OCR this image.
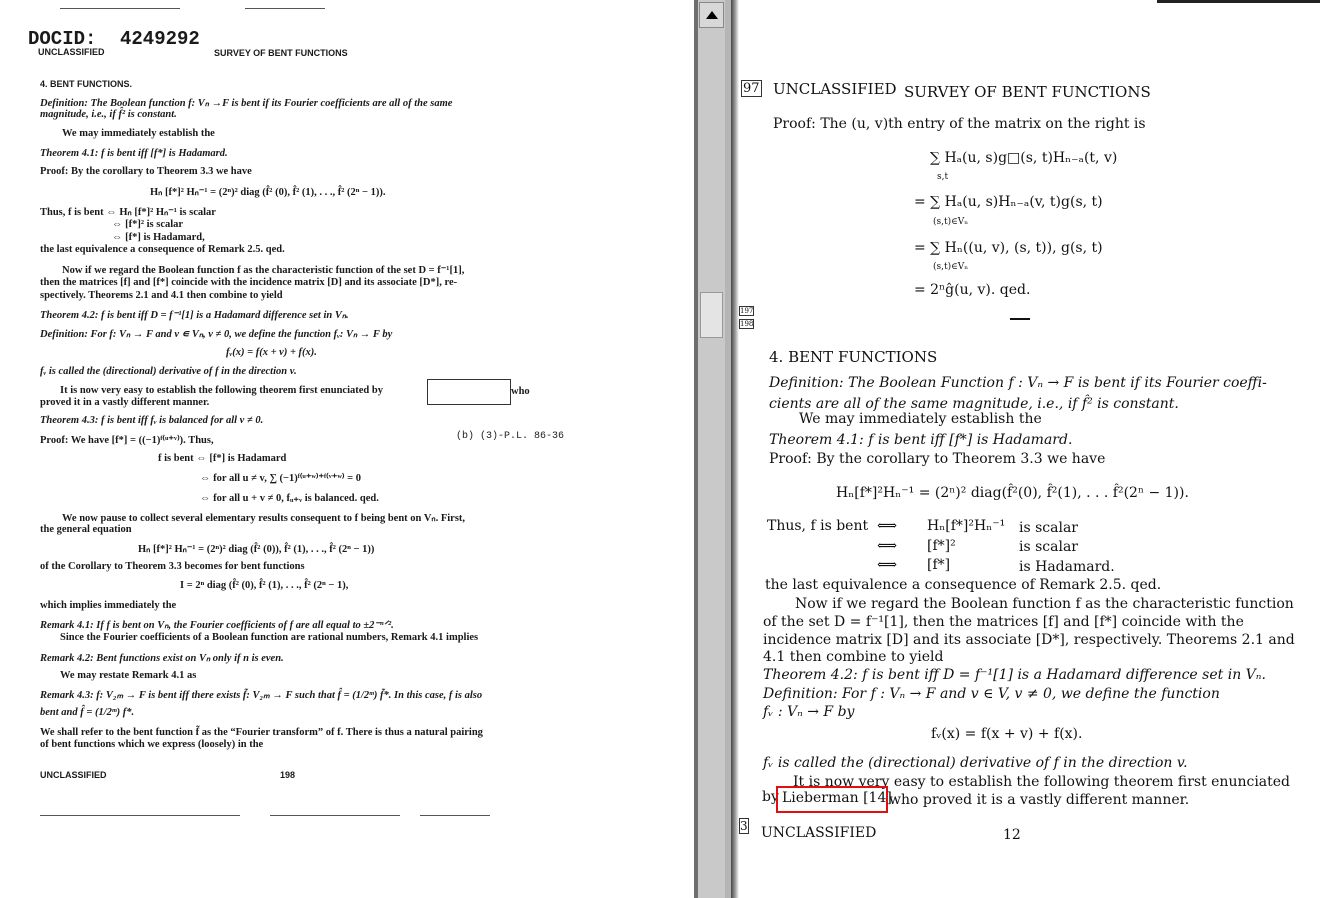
DOCID: 4249292
UNCLASSIFIED	SURVEY OF BENT FUNCTIONS
4. BENT FUNCTIONS.
Definition: The Boolean function f: Vₙ →F is bent if its Fourier coefficients are all of the same
magnitude, i.e., if f̂² is constant.
We may immediately establish the
Theorem 4.1: f is bent iff [f*] is Hadamard.
Proof: By the corollary to Theorem 3.3 we have
Hₙ [f*]² Hₙ⁻¹ = (2ⁿ)² diag (f̂² (0), f̂² (1), . . ., f̂² (2ⁿ − 1)).
Thus, f is bent ⇔ Hₙ [f*]² Hₙ⁻¹ is scalar
⇔ [f*]² is scalar
⇔ [f*] is Hadamard,
the last equivalence a consequence of Remark 2.5. qed.
Now if we regard the Boolean function f as the characteristic function of the set D = f⁻¹[1],
then the matrices [f] and [f*] coincide with the incidence matrix [D] and its associate [D*], re-
spectively. Theorems 2.1 and 4.1 then combine to yield
Theorem 4.2: f is bent iff D = f⁻¹[1] is a Hadamard difference set in Vₙ.
Definition: For f: Vₙ → F and v ∊ Vₙ, v ≠ 0, we define the function fᵥ: Vₙ → F by
fᵥ(x) = f(x + v) + f(x).
fᵥ is called the (directional) derivative of f in the direction v.
It is now very easy to establish the following theorem first enunciated by	who
proved it in a vastly different manner.
Theorem 4.3: f is bent iff fᵥ is balanced for all v ≠ 0.
Proof: We have [f*] = ((−1)ᶠ⁽ᵘ⁺ᵛ⁾). Thus,	(b) (3)-P.L. 86-36
f is bent ⇔ [f*] is Hadamard
⇔ for all u ≠ v, ∑ (−1)ᶠ⁽ᵘ⁺ʷ⁾⁺ᶠ⁽ᵛ⁺ʷ⁾ = 0
⇔ for all u + v ≠ 0, fᵤ₊ᵥ is balanced. qed.
We now pause to collect several elementary results consequent to f being bent on Vₙ. First,
the general equation
Hₙ [f*]² Hₙ⁻¹ = (2ⁿ)² diag (f̂² (0)), f̂² (1), . . ., f̂² (2ⁿ − 1))
of the Corollary to Theorem 3.3 becomes for bent functions
I = 2ⁿ diag (f̂² (0), f̂² (1), . . ., f̂² (2ⁿ − 1),
which implies immediately the
Remark 4.1: If f is bent on Vₙ, the Fourier coefficients of f are all equal to ±2⁻ⁿᐟ².
Since the Fourier coefficients of a Boolean function are rational numbers, Remark 4.1 implies
Remark 4.2: Bent functions exist on Vₙ only if n is even.
We may restate Remark 4.1 as
Remark 4.3: f: V₂ₘ → F is bent iff there exists f̃: V₂ₘ → F such that f̂ = (1/2ᵐ) f̃*. In this case, f is also
bent and f̂ = (1/2ᵐ) f*.
We shall refer to the bent function f̃ as the “Fourier transform” of f. There is thus a natural pairing
of bent functions which we express (loosely) in the
UNCLASSIFIED	198
97 UNCLASSIFIED SURVEY OF BENT FUNCTIONS
Proof: The (u, v)th entry of the matrix on the right is
∑ Hₐ(u, s)g□(s, t)Hₙ₋ₐ(t, v)
s,t
= ∑ Hₐ(u, s)Hₙ₋ₐ(v, t)g(s, t)
(s,t)∈Vₙ
= ∑ Hₙ((u, v), (s, t)), g(s, t)
(s,t)∈Vₙ
= 2ⁿĝ(u, v). qed.
197
198
4. BENT FUNCTIONS
Definition: The Boolean Function f : Vₙ → F is bent if its Fourier coeffi-
cients are all of the same magnitude, i.e., if f̂² is constant.
We may immediately establish the
Theorem 4.1: f is bent iff [f*] is Hadamard.
Proof: By the corollary to Theorem 3.3 we have
Hₙ[f*]²Hₙ⁻¹ = (2ⁿ)² diag(f̂²(0), f̂²(1), . . . f̂²(2ⁿ − 1)).
Thus, f is bent ⟺ Hₙ[f*]²Hₙ⁻¹ is scalar
⟺ [f*]²	is scalar
⟺ [f*]	is Hadamard.
the last equivalence a consequence of Remark 2.5. qed.
Now if we regard the Boolean function f as the characteristic function
of the set D = f⁻¹[1], then the matrices [f] and [f*] coincide with the
incidence matrix [D] and its associate [D*], respectively. Theorems 2.1 and
4.1 then combine to yield
Theorem 4.2: f is bent iff D = f⁻¹[1] is a Hadamard difference set in Vₙ.
Definition: For f : Vₙ → F and v ∈ V, v ≠ 0, we define the function
fᵥ : Vₙ → F by
fᵥ(x) = f(x + v) + f(x).
fᵥ is called the (directional) derivative of f in the direction v.
It is now very easy to establish the following theorem first enunciated
by Lieberman [14]
who proved it is a vastly different manner.
3 UNCLASSIFIED	12
